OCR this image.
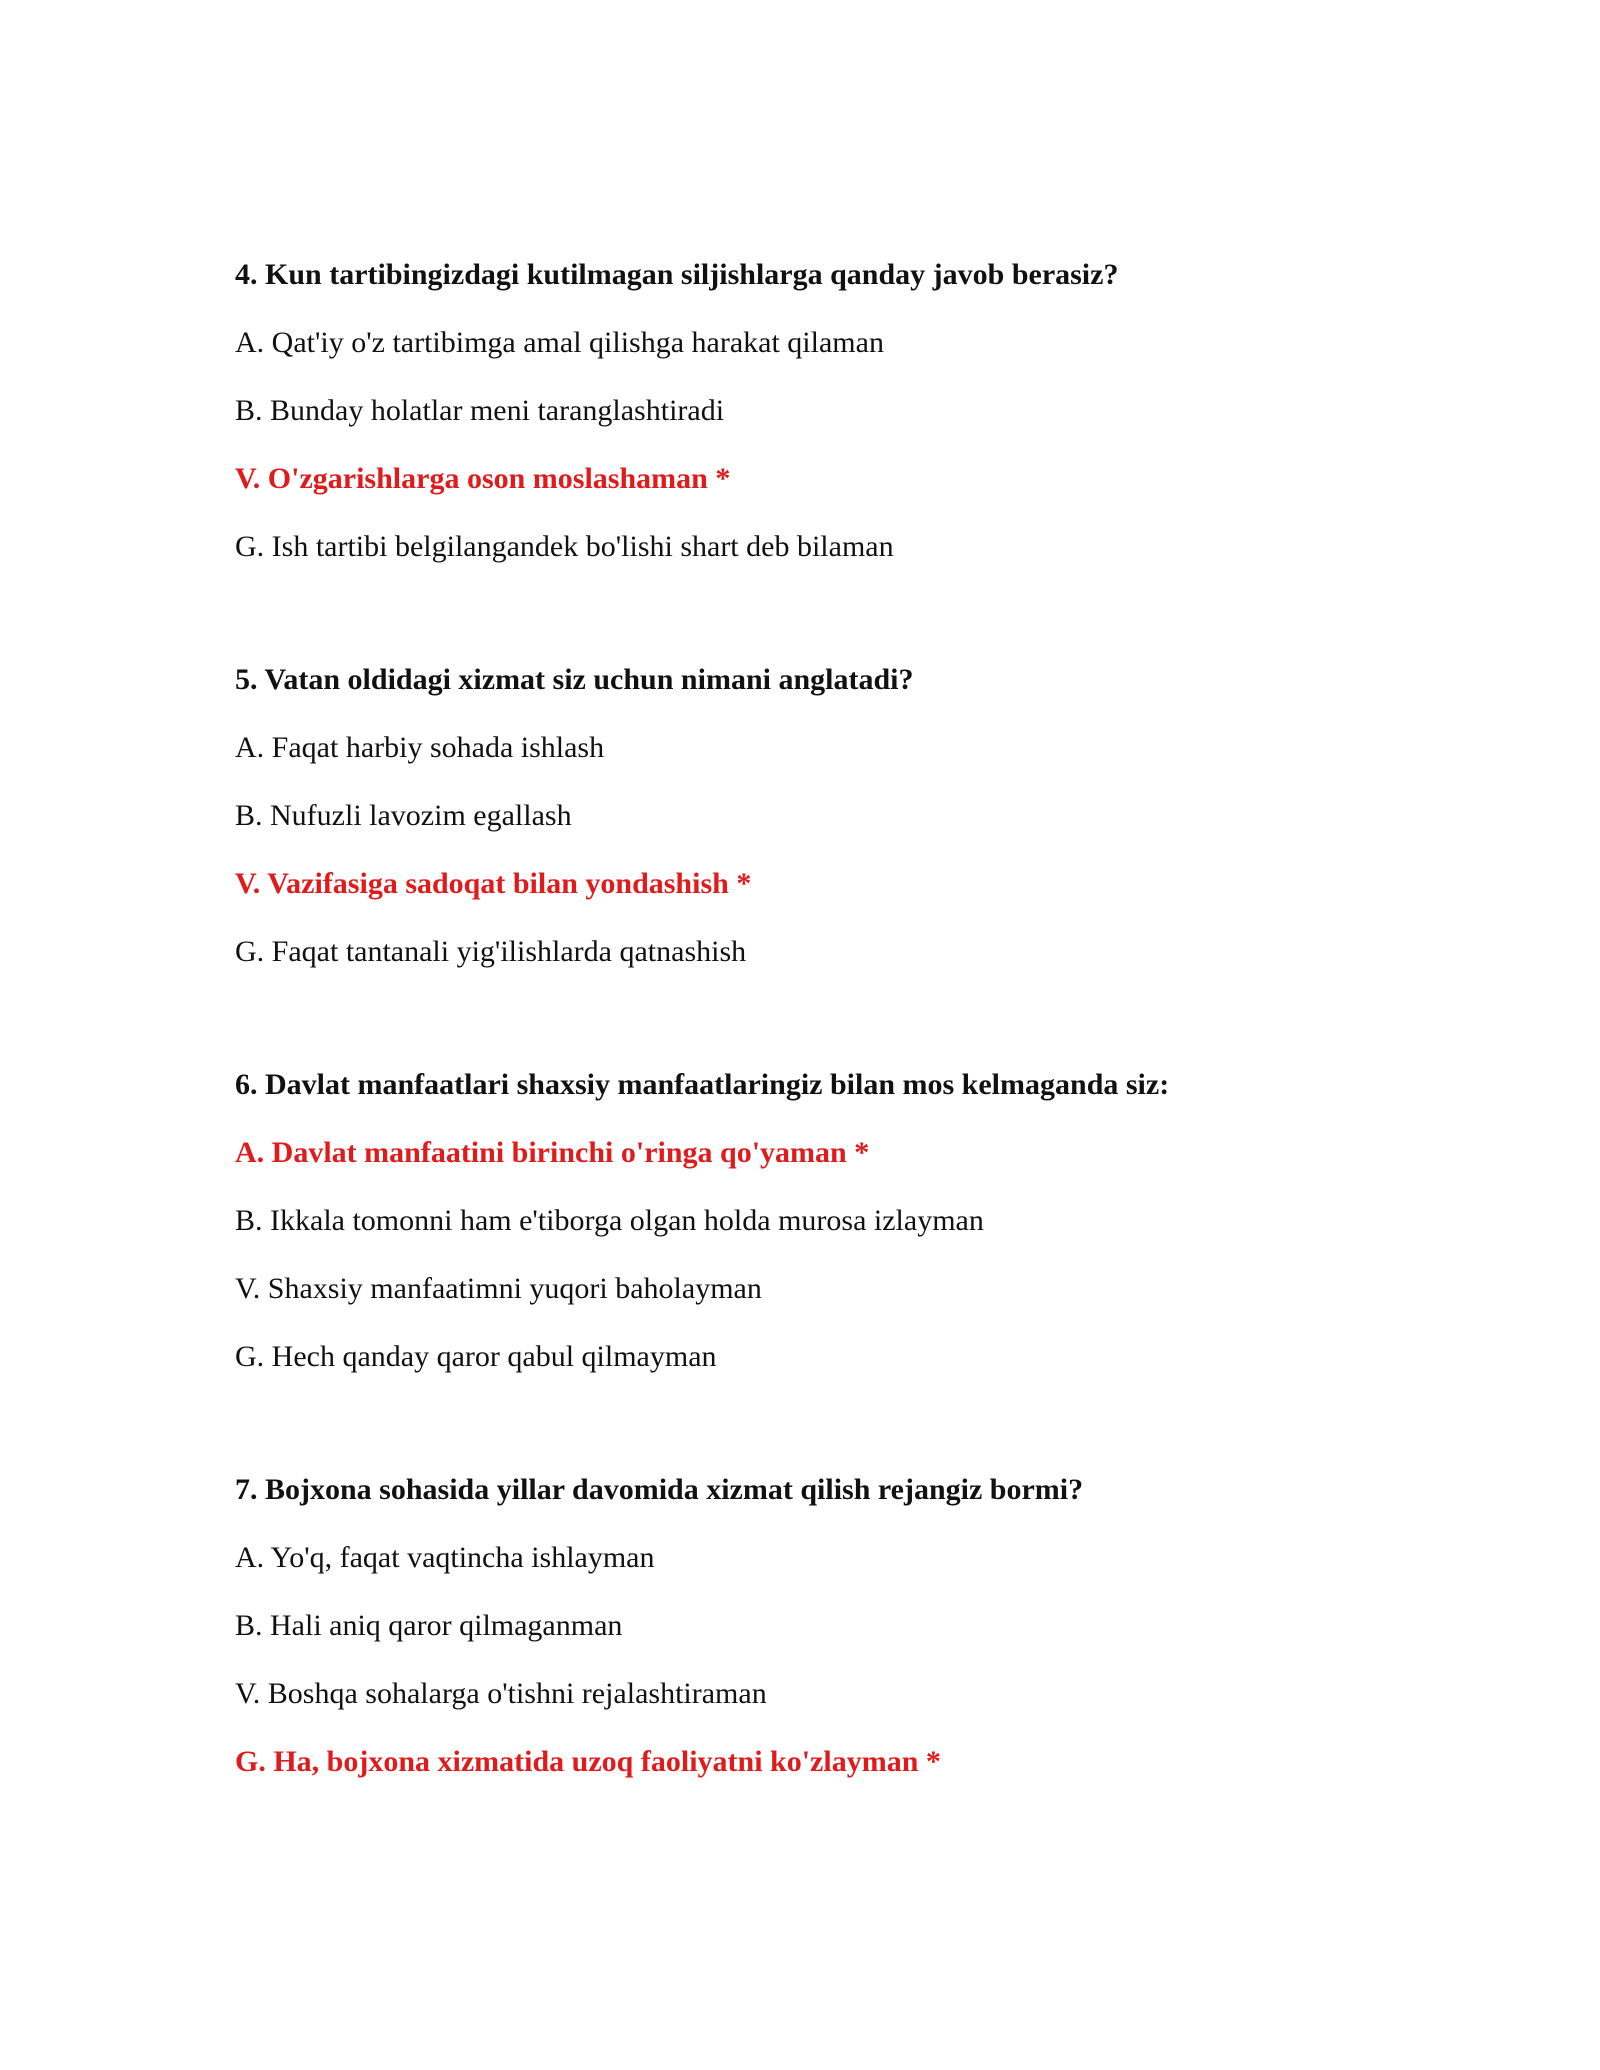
4. Kun tartibingizdagi kutilmagan siljishlarga qanday javob berasiz?

A. Qat'iy o'z tartibimga amal qilishga harakat qilaman

B. Bunday holatlar meni taranglashtiradi

V. O'zgarishlarga oson moslashaman *

G. Ish tartibi belgilangandek bo'lishi shart deb bilaman

5. Vatan oldidagi xizmat siz uchun nimani anglatadi?

A. Faqat harbiy sohada ishlash

B. Nufuzli lavozim egallash

V. Vazifasiga sadoqat bilan yondashish *

G. Faqat tantanali yig'ilishlarda qatnashish

6. Davlat manfaatlari shaxsiy manfaatlaringiz bilan mos kelmaganda siz:

A. Davlat manfaatini birinchi o'ringa qo'yaman *

B. Ikkala tomonni ham e'tiborga olgan holda murosa izlayman

V. Shaxsiy manfaatimni yuqori baholayman

G. Hech qanday qaror qabul qilmayman

7. Bojxona sohasida yillar davomida xizmat qilish rejangiz bormi?

A. Yo'q, faqat vaqtincha ishlayman

B. Hali aniq qaror qilmaganman

V. Boshqa sohalarga o'tishni rejalashtiraman

G. Ha, bojxona xizmatida uzoq faoliyatni ko'zlayman *
